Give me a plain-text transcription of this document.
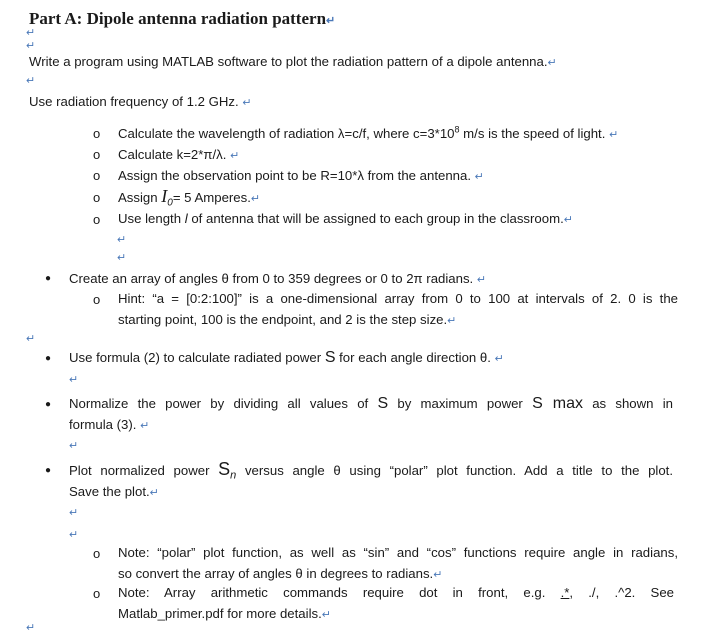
Part A: Dipole antenna radiation pattern↵
↵
↵
Write a program using MATLAB software to plot the radiation pattern of a dipole antenna.↵
↵
Use radiation frequency of 1.2 GHz. ↵
o Calculate the wavelength of radiation λ=c/f, where $c=3*10^8$ m/s is the speed of light. ↵
o Calculate k=2*π/λ. ↵
o Assign the observation point to be R=10*λ from the antenna. ↵
o Assign $I_0= 5$ Amperes.↵
o Use length l of antenna that will be assigned to each group in the classroom.↵
↵
↵
● Create an array of angles θ from 0 to 359 degrees or 0 to 2π radians. ↵
o Hint: “a = [0:2:100]” is a one-dimensional array from 0 to 100 at intervals of 2. 0 is the
starting point, 100 is the endpoint, and 2 is the step size.↵
↵
● Use formula (2) to calculate radiated power S for each angle direction θ. ↵
↵
● Normalize the power by dividing all values of S by maximum power S max as shown in
formula (3). ↵
↵
● Plot normalized power $S_n$ versus angle θ using “polar” plot function. Add a title to the plot.
Save the plot.↵
↵
↵
o Note: “polar” plot function, as well as “sin” and “cos” functions require angle in radians,
so convert the array of angles θ in degrees to radians.↵
o Note: Array arithmetic commands require dot in front, e.g. .*, ./, .^2. See
Matlab_primer.pdf for more details.↵
↵
